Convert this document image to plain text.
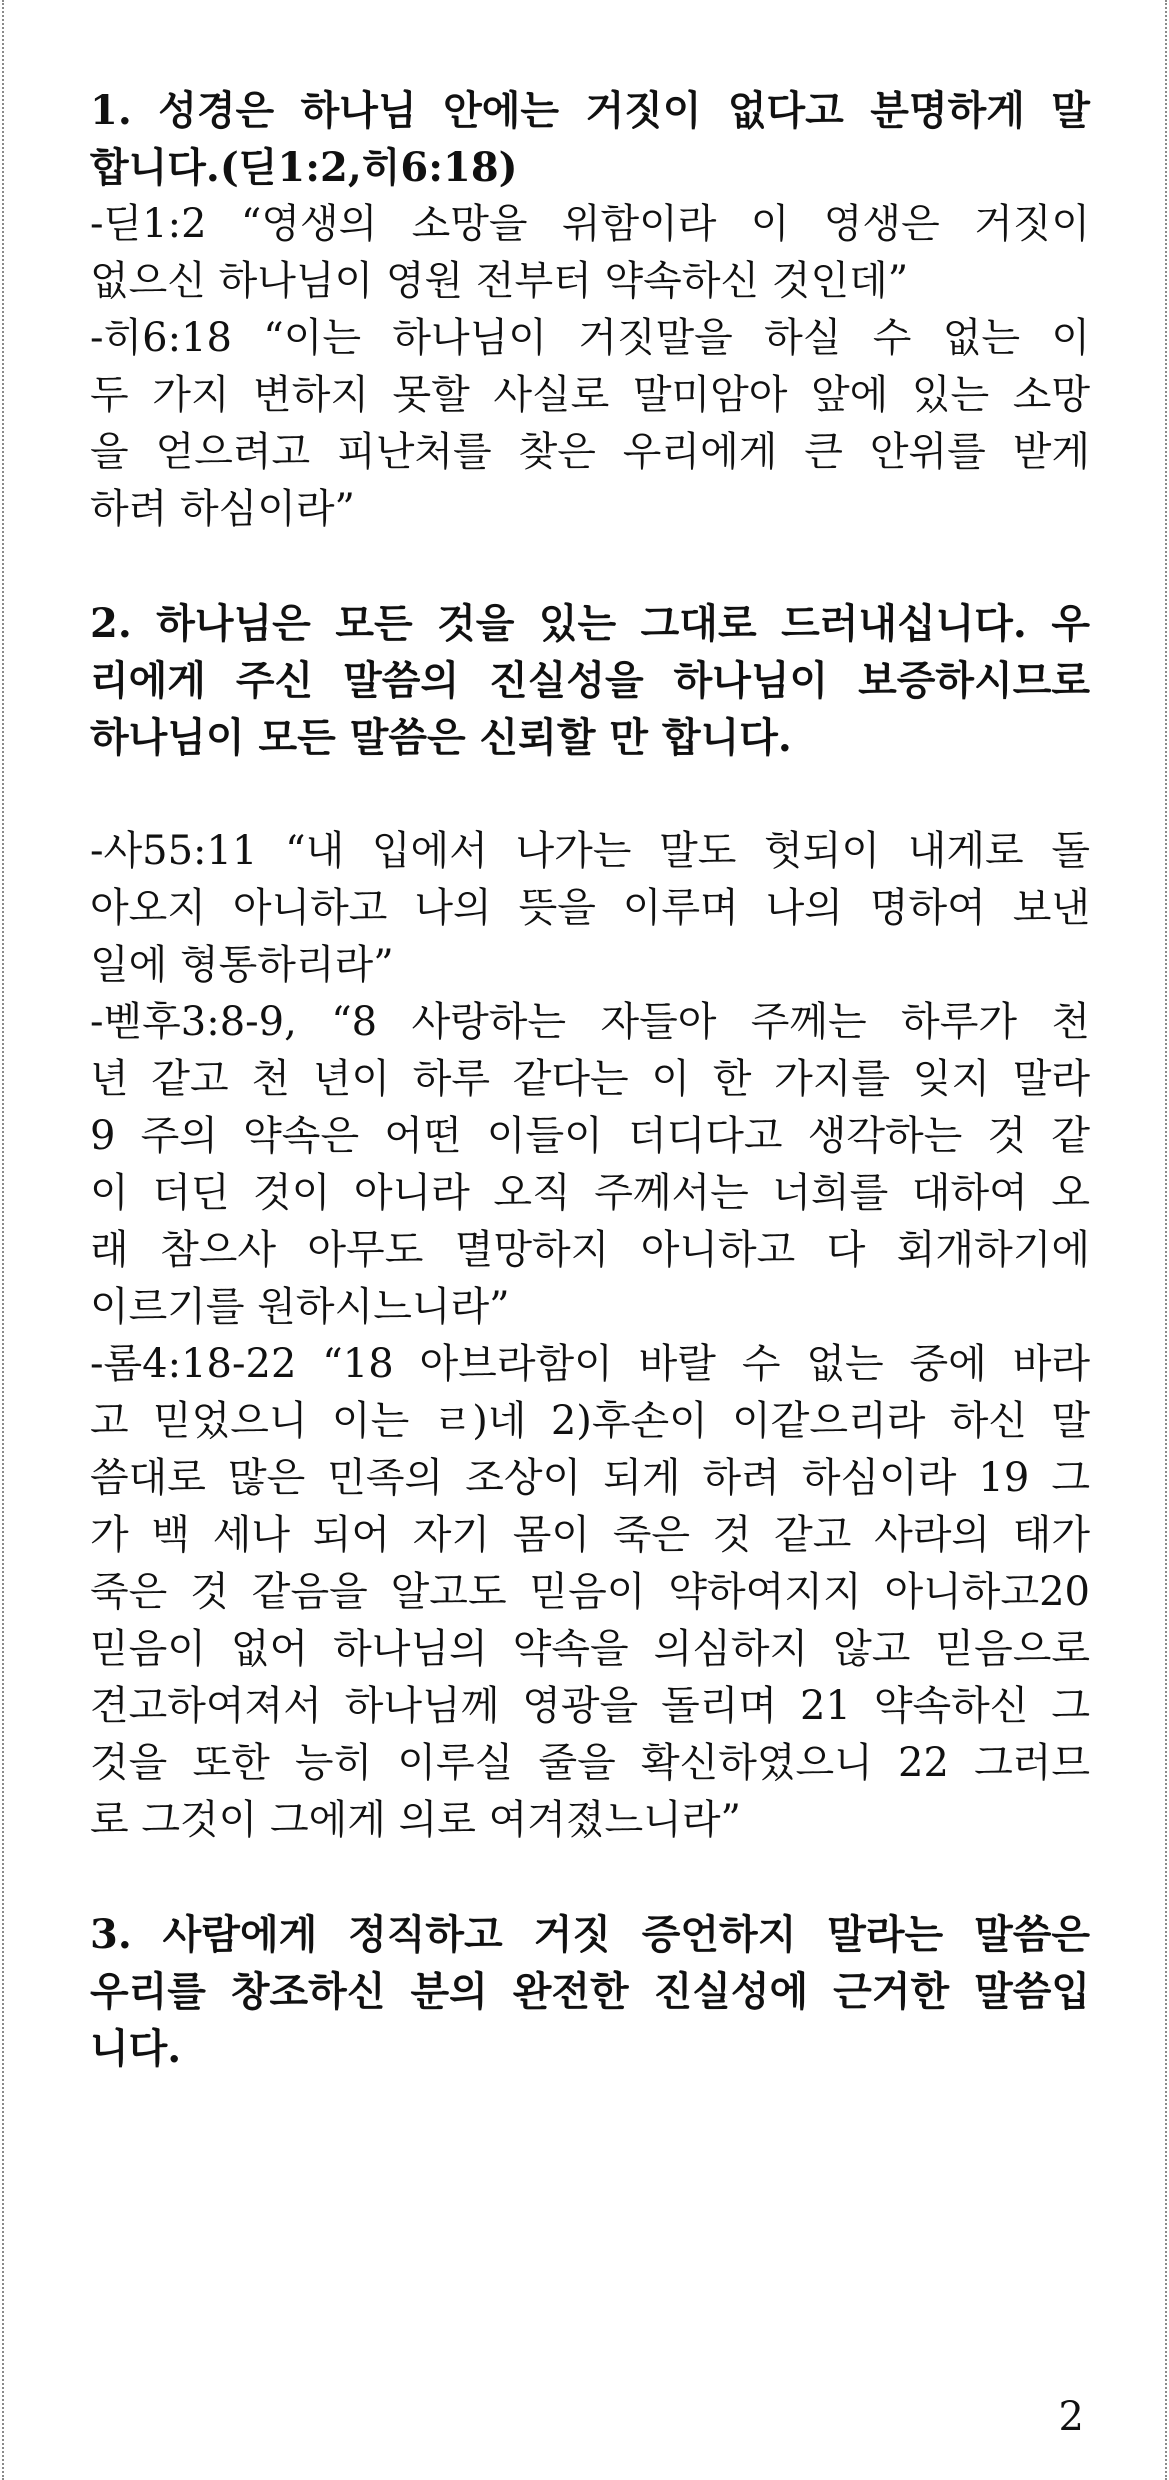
1. 성경은 하나님 안에는 거짓이 없다고 분명하게 말
합니다.(딛1:2,히6:18)
-딛1:2 “영생의 소망을 위함이라 이 영생은 거짓이
없으신 하나님이 영원 전부터 약속하신 것인데”
-히6:18 “이는 하나님이 거짓말을 하실 수 없는 이
두 가지 변하지 못할 사실로 말미암아 앞에 있는 소망
을 얻으려고 피난처를 찾은 우리에게 큰 안위를 받게
하려 하심이라”
2. 하나님은 모든 것을 있는 그대로 드러내십니다. 우
리에게 주신 말씀의 진실성을 하나님이 보증하시므로
하나님이 모든 말씀은 신뢰할 만 합니다.
-사55:11 “내 입에서 나가는 말도 헛되이 내게로 돌
아오지 아니하고 나의 뜻을 이루며 나의 명하여 보낸
일에 형통하리라”
-벧후3:8-9, “8 사랑하는 자들아 주께는 하루가 천
년 같고 천 년이 하루 같다는 이 한 가지를 잊지 말라
9 주의 약속은 어떤 이들이 더디다고 생각하는 것 같
이 더딘 것이 아니라 오직 주께서는 너희를 대하여 오
래 참으사 아무도 멸망하지 아니하고 다 회개하기에
이르기를 원하시느니라”
-롬4:18-22 “18 아브라함이 바랄 수 없는 중에 바라
고 믿었으니 이는 ㄹ)네 2)후손이 이같으리라 하신 말
씀대로 많은 민족의 조상이 되게 하려 하심이라 19 그
가 백 세나 되어 자기 몸이 죽은 것 같고 사라의 태가
죽은 것 같음을 알고도 믿음이 약하여지지 아니하고20
믿음이 없어 하나님의 약속을 의심하지 않고 믿음으로
견고하여져서 하나님께 영광을 돌리며 21 약속하신 그
것을 또한 능히 이루실 줄을 확신하였으니 22 그러므
로 그것이 그에게 의로 여겨졌느니라”
3. 사람에게 정직하고 거짓 증언하지 말라는 말씀은
우리를 창조하신 분의 완전한 진실성에 근거한 말씀입
니다.
2
